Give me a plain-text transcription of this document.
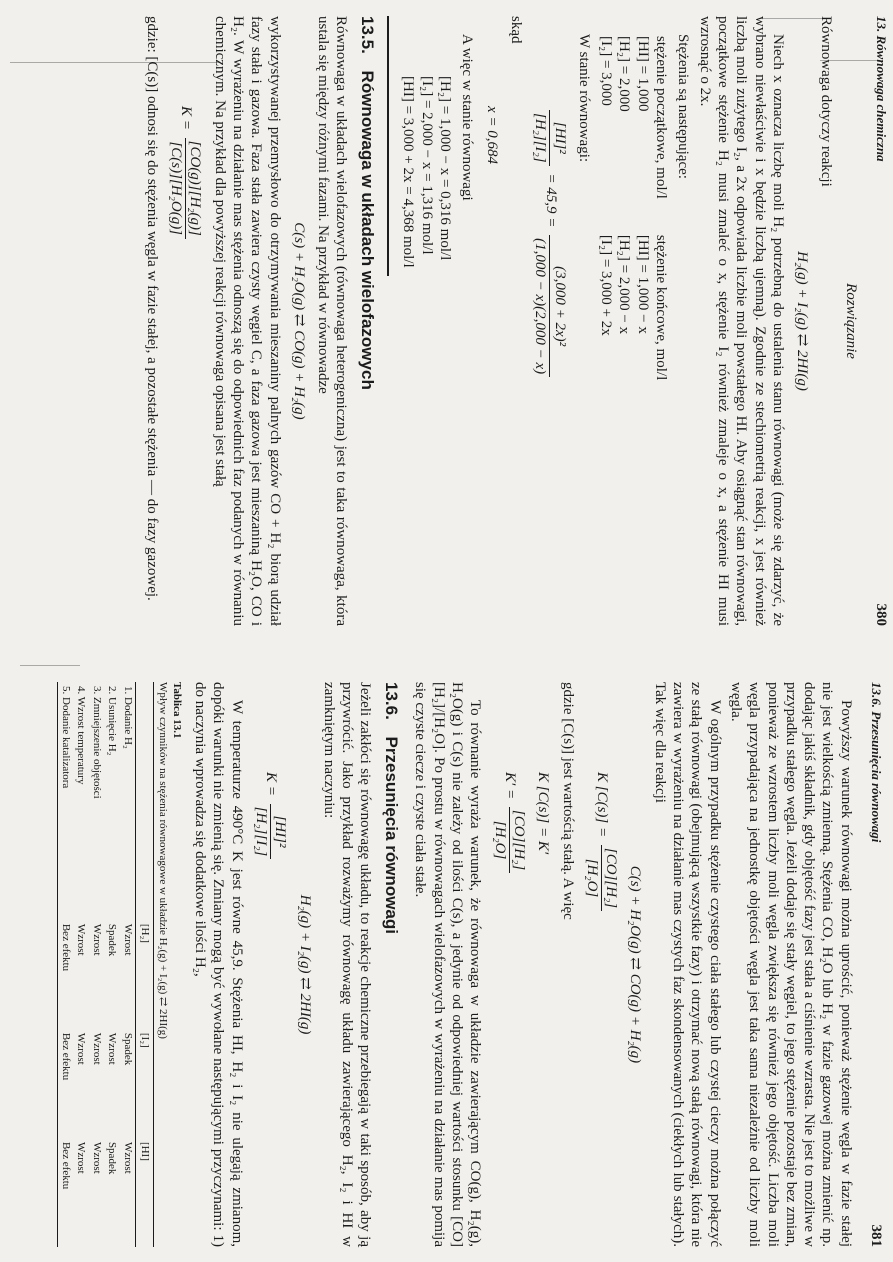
13. Równowaga chemiczna
380
Rozwiązanie

Równowaga dotyczy reakcji

H₂(g) + I₂(g) ⇄ 2HI(g)

Niech x oznacza liczbę moli H₂ potrzebną do ustalenia stanu równowagi (może się zdarzyć, że wybrano niewłaściwie i x będzie liczbą ujemną). Zgodnie ze stechiometrią reakcji, x jest również liczbą moli zużytego I₂, a 2x odpowiada liczbie moli powstałego HI. Aby osiągnąć stan równowagi, początkowe stężenie H₂ musi zmaleć o x, stężenie I₂ również zmaleje o x, a stężenie HI musi wzrosnąć o 2x.

Stężenia są następujące:

stężenie początkowe, mol/l
[HI] = 1,000
[H₂] = 2,000
[I₂] = 3,000
stężenie końcowe, mol/l
[HI] = 1,000 − x
[H₂] = 2,000 − x
[I₂] = 3,000 + 2x

W stanie równowagi:

[HI]²
[H₂][I₂]
= 45,9 =
(3,000 + 2x)²
(1,000 − x)(2,000 − x)

skąd

x = 0,684

A więc w stanie równowagi

[H₂] = 1,000 − x = 0,316 mol/l
[I₂] = 2,000 − x = 1,316 mol/l
[HI] = 3,000 + 2x = 4,368 mol/l
13.5. Równowaga w układach wielofazowych

Równowaga w układach wielofazowych (równowaga heterogeniczna) jest to taka równowaga, która ustala się między różnymi fazami. Na przykład w równowadze

C(s) + H₂O(g) ⇄ CO(g) + H₂(g)

wykorzystywanej przemysłowo do otrzymywania mieszaniny palnych gazów CO + H₂ biorą udział fazy stała i gazowa. Faza stała zawiera czysty węgiel C, a faza gazowa jest mieszaniną H₂O, CO i H₂. W wyrażeniu na działanie mas stężenia odnoszą się do odpowiednich faz podanych w równaniu chemicznym. Na przykład dla powyższej reakcji równowaga opisana jest stałą

K =
[CO(g)][H₂(g)]
[C(s)][H₂O(g)]

gdzie: [C(s)] odnosi się do stężenia węgla w fazie stałej, a pozostałe stężenia — do fazy gazowej.

13.6. Przesunięcia równowagi
381

Powyższy warunek równowagi można uprościć, ponieważ stężenie węgla w fazie stałej nie jest wielkością zmienną. Stężenia CO, H₂O lub H₂ w fazie gazowej można zmienić np. dodając jakiś składnik, gdy objętość fazy jest stała a ciśnienie wzrasta. Nie jest to możliwe w przypadku stałego węgla. Jeżeli dodaje się stały węgiel, to jego stężenie pozostaje bez zmian, ponieważ ze wzrostem liczby moli węgla zwiększa się również jego objętość. Liczba moli węgla przypadająca na jednostkę objętości węgla jest taka sama niezależnie od liczby moli węgla.

W ogólnym przypadku stężenie czystego ciała stałego lub czystej cieczy można połączyć ze stałą równowagi (obejmującą wszystkie fazy) i otrzymać nową stałą równowagi, która nie zawiera w wyrażeniu na działanie mas czystych faz skondensowanych (ciekłych lub stałych). Tak więc dla reakcji

C(s) + H₂O(g) ⇄ CO(g) + H₂(g)
K [C(s)] =
[CO][H₂]
[H₂O]

gdzie [C(s)] jest wartością stałą. A więc

K [C(s)] = K′
K′ =
[CO][H₂]
[H₂O]

To równanie wyraża warunek, że równowaga w układzie zawierającym CO(g), H₂(g), H₂O(g) i C(s) nie zależy od ilości C(s), a jedynie od odpowiedniej wartości stosunku [CO][H₂]/[H₂O]. Po prostu w równowagach wielofazowych w wyrażeniu na działanie mas pomija się czyste ciecze i czyste ciała stałe.

13.6. Przesunięcia równowagi

Jeżeli zakłóci się równowagę układu, to reakcje chemiczne przebiegają w taki sposób, aby ją przywrócić. Jako przykład rozważymy równowagę układu zawierającego H₂, I₂ i HI w zamkniętym naczyniu:

H₂(g) + I₂(g) ⇄ 2HI(g)
K =
[HI]²
[H₂][I₂]

W temperaturze 490°C K jest równe 45,9. Stężenia HI, H₂ i I₂ nie ulegają zmianom, dopóki warunki nie zmienią się. Zmiany mogą być wywołane następującymi przyczynami: 1) do naczynia wprowadza się dodatkowe ilości H₂,

Tablica 13.1
Wpływ czynników na stężenia równowagowe w układzie H₂(g) + I₂(g) ⇄ 2HI(g)
	[H₂]	[I₂]	[HI]
1. Dodanie H₂	Wzrost	Spadek	Wzrost
2. Usunięcie H₂	Spadek	Wzrost	Spadek
3. Zmniejszenie objętości	Wzrost	Wzrost	Wzrost
4. Wzrost temperatury	Wzrost	Wzrost	Wzrost
5. Dodanie katalizatora	Bez efektu	Bez efektu	Bez efektu
